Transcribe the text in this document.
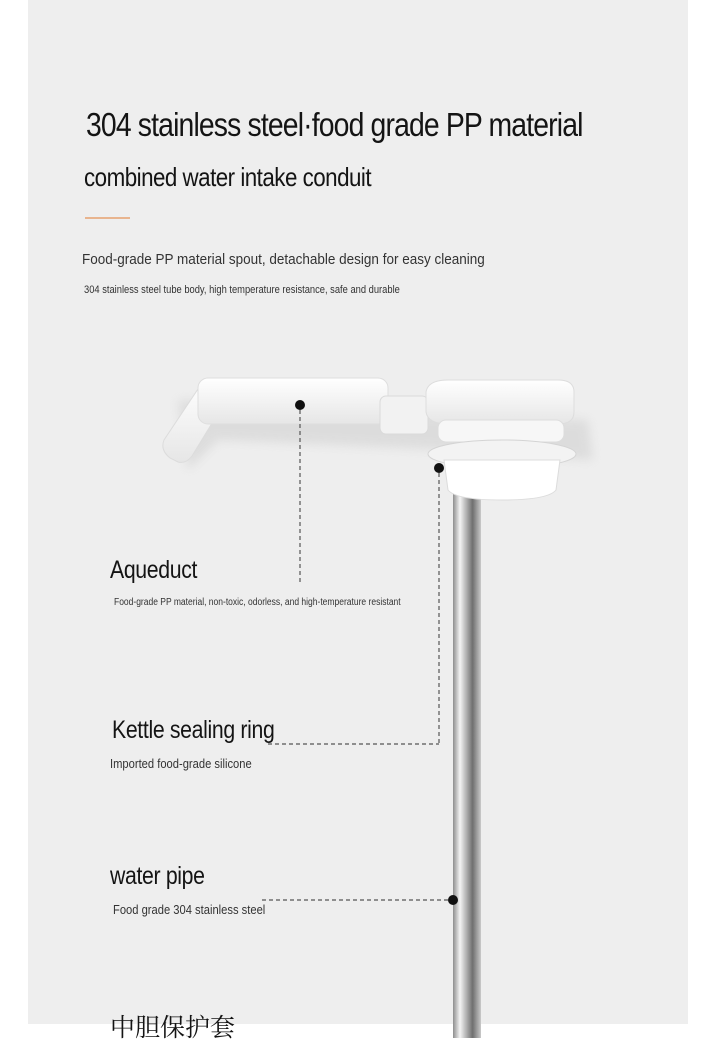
304 stainless steel·food grade PP material
combined water intake conduit
Food-grade PP material spout, detachable design for easy cleaning
304 stainless steel tube body, high temperature resistance, safe and durable
Aqueduct
Food-grade PP material, non-toxic, odorless, and high-temperature resistant
Kettle sealing ring
Imported food-grade silicone
water pipe
Food grade 304 stainless steel
中胆保护套
